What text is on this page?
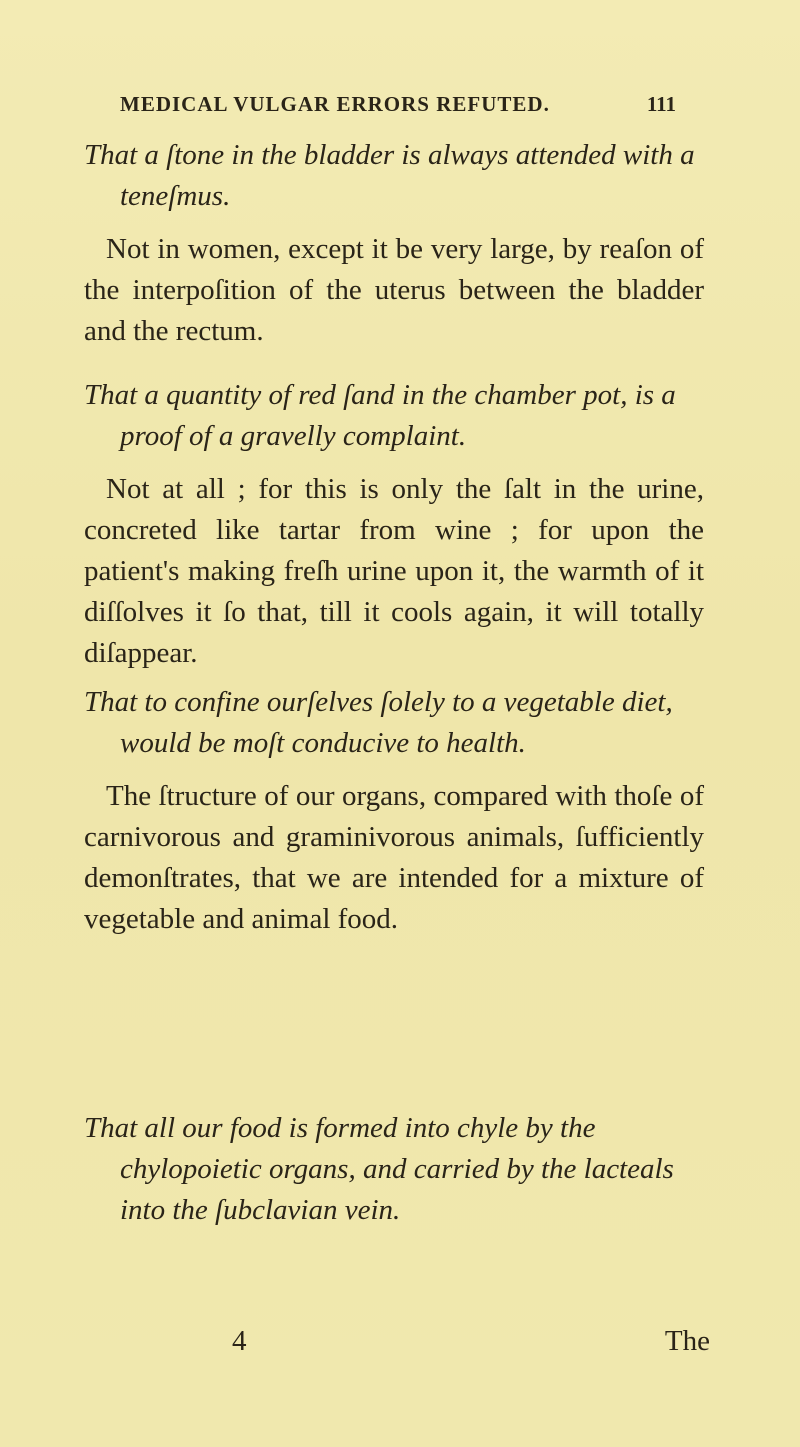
MEDICAL VULGAR ERRORS REFUTED.	111

That a ſtone in the bladder is always attended with a teneſmus.

Not in women, except it be very large, by reaſon of the interpoſition of the uterus between the bladder and the rectum.

That a quantity of red ſand in the chamber pot, is a proof of a gravelly complaint.

Not at all ; for this is only the ſalt in the urine, concreted like tartar from wine ; for upon the patient's making freſh urine upon it, the warmth of it diſſolves it ſo that, till it cools again, it will totally diſappear.

That to confine ourſelves ſolely to a vegetable diet, would be moſt conducive to health.

The ſtructure of our organs, compared with thoſe of carnivorous and graminivorous animals, ſufficiently demonſtrates, that we are intended for a mixture of vegetable and animal food.

That all our food is formed into chyle by the chylopoietic organs, and carried by the lacteals into the ſubclavian vein.

4	The
